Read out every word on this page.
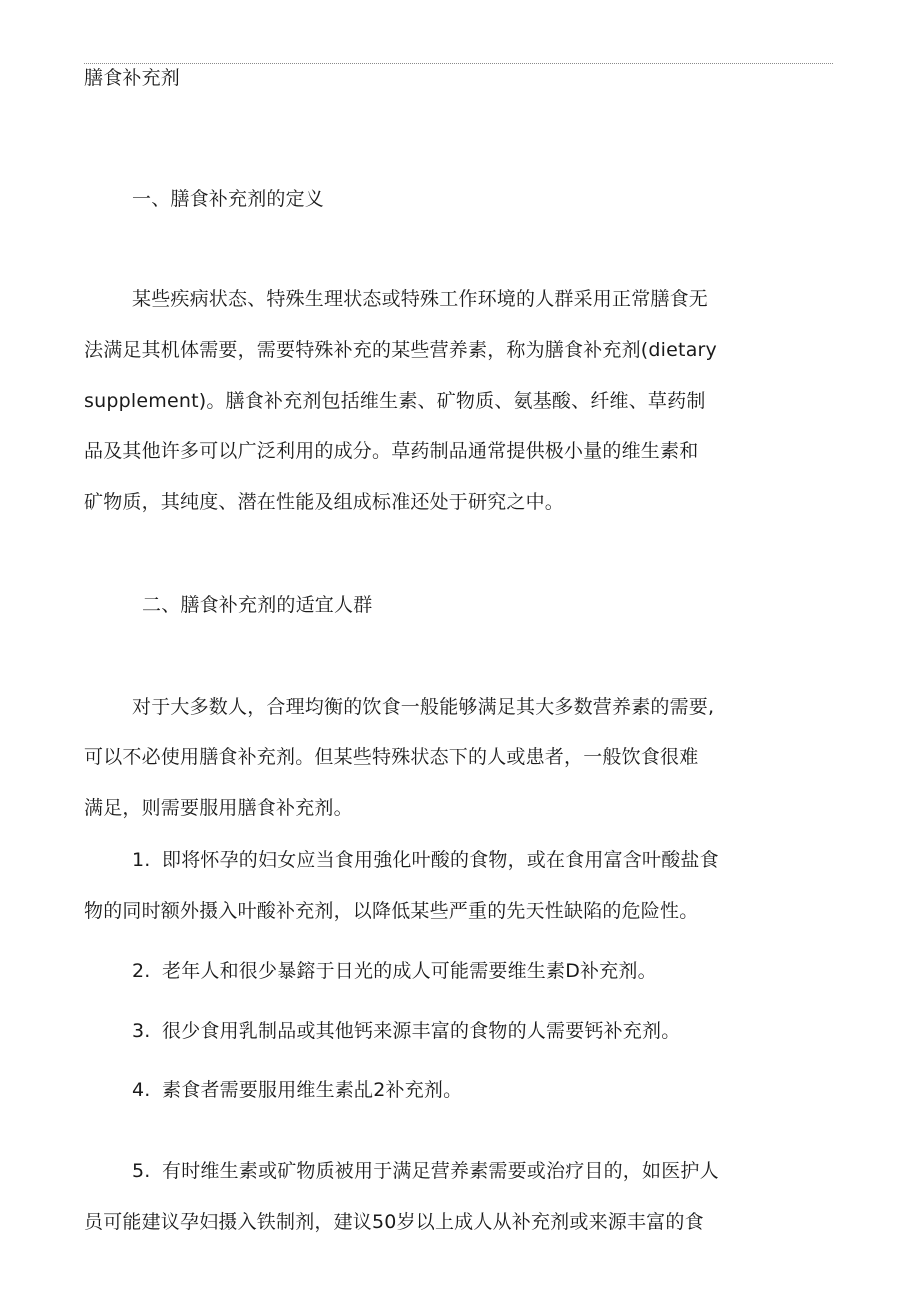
膳食补充剂
一、膳食补充剂的定义
某些疾病状态、特殊生理状态或特殊工作环境的人群采用正常膳食无
法满足其机体需要，需要特殊补充的某些营养素，称为膳食补充剂(dietary
supplement)。膳食补充剂包括维生素、矿物质、氨基酸、纤维、草药制
品及其他许多可以广泛利用的成分。草药制品通常提供极小量的维生素和
矿物质，其纯度、潜在性能及组成标准还处于研究之中。
二、膳食补充剂的适宜人群
对于大多数人，合理均衡的饮食一般能够满足其大多数营养素的需要,
可以不必使用膳食补充剂。但某些特殊状态下的人或患者，一般饮食很难
满足，则需要服用膳食补充剂。
1. 即将怀孕的妇女应当食用強化叶酸的食物，或在食用富含叶酸盐食
物的同时额外摄入叶酸补充剂，以降低某些严重的先天性缺陷的危险性。
2. 老年人和很少暴鎔于日光的成人可能需要维生素D补充剂。
3. 很少食用乳制品或其他钙来源丰富的食物的人需要钙补充剂。
4. 素食者需要服用维生素乩2补充剂。
5. 有时维生素或矿物质被用于满足营养素需要或治疗目的，如医护人
员可能建议孕妇摄入铁制剂，建议50岁以上成人从补充剂或来源丰富的食
